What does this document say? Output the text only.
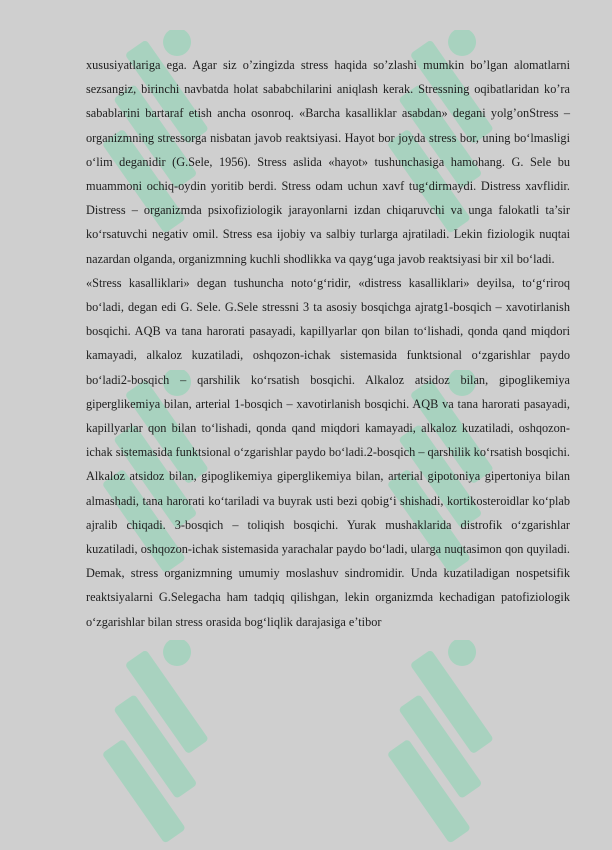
xususiyatlariga ega. Agar siz o’zingizda stress haqida so’zlashi mumkin bo’lgan alomatlarni sezsangiz, birinchi navbatda holat sababchilarini aniqlash kerak. Stressning oqibatlaridan ko’ra sabablarini bartaraf etish ancha osonroq. «Barcha kasalliklar asabdan» degani yolg’onStress – organizmning stressorga nisbatan javob reaktsiyasi. Hayot bor joyda stress bor, uning bo‘lmasligi o‘lim deganidir (G.Sele, 1956). Stress aslida «hayot» tushunchasiga hamohang. G. Sele bu muammoni ochiq-oydin yoritib berdi. Stress odam uchun xavf tug‘dirmaydi. Distress xavflidir. Distress – organizmda psixofiziologik jarayonlarni izdan chiqaruvchi va unga falokatli ta’sir ko‘rsatuvchi negativ omil. Stress esa ijobiy va salbiy turlarga ajratiladi. Lekin fiziologik nuqtai nazardan olganda, organizmning kuchli shodlikka va qayg‘uga javob reaktsiyasi bir xil bo‘ladi.

«Stress kasalliklari» degan tushuncha noto‘g‘ridir, «distress kasalliklari» deyilsa, to‘g‘riroq bo‘ladi, degan edi G. Sele. G.Sele stressni 3 ta asosiy bosqichga ajratg1-bosqich – xavotirlanish bosqichi. AQB va tana harorati pasayadi, kapillyarlar qon bilan to‘lishadi, qonda qand miqdori kamayadi, alkaloz kuzatiladi, oshqozon-ichak sistemasida funktsional o‘zgarishlar paydo bo‘ladi2-bosqich – qarshilik ko‘rsatish bosqichi. Alkaloz atsidoz bilan, gipoglikemiya giperglikemiya bilan, arterial 1-bosqich – xavotirlanish bosqichi. AQB va tana harorati pasayadi, kapillyarlar qon bilan to‘lishadi, qonda qand miqdori kamayadi, alkaloz kuzatiladi, oshqozon-ichak sistemasida funktsional o‘zgarishlar paydo bo‘ladi.2-bosqich – qarshilik ko‘rsatish bosqichi. Alkaloz atsidoz bilan, gipoglikemiya giperglikemiya bilan, arterial gipotoniya gipertoniya bilan almashadi, tana harorati ko‘tariladi va buyrak usti bezi qobig‘i shishadi, kortikosteroidlar ko‘plab ajralib chiqadi. 3-bosqich – toliqish bosqichi. Yurak mushaklarida distrofik o‘zgarishlar kuzatiladi, oshqozon-ichak sistemasida yarachalar paydo bo‘ladi, ularga nuqtasimon qon quyiladi. Demak, stress organizmning umumiy moslashuv sindromidir. Unda kuzatiladigan nospetsifik reaktsiyalarni G.Selegacha ham tadqiq qilishgan, lekin organizmda kechadigan patofiziologik o‘zgarishlar bilan stress orasida bog‘liqlik darajasiga e’tibor
